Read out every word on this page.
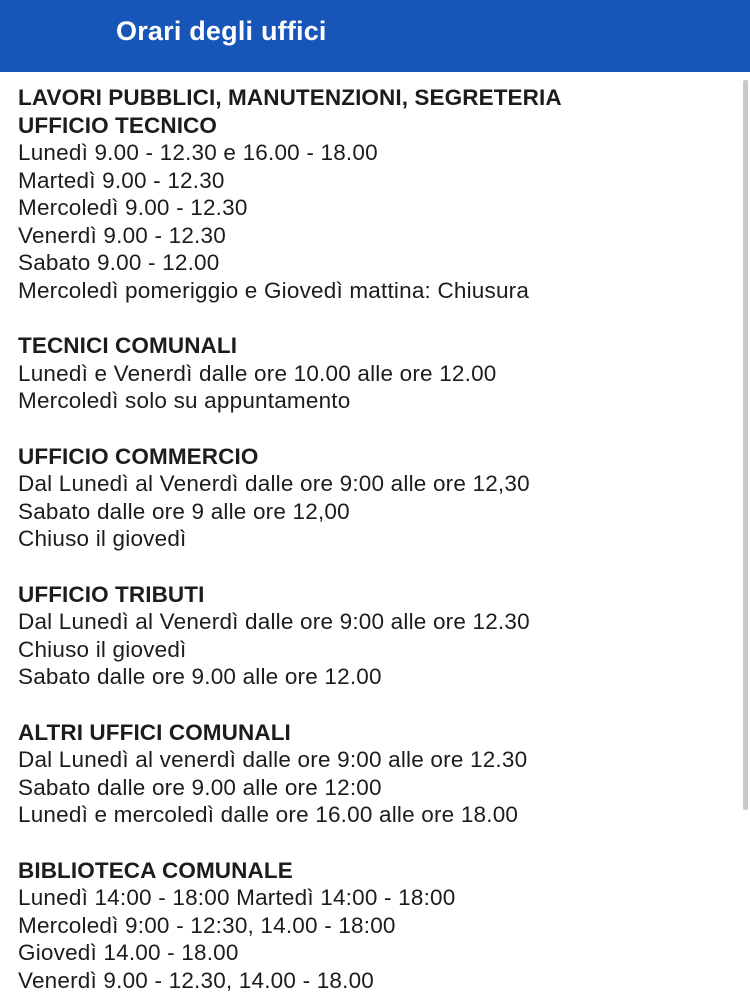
Orari degli uffici
LAVORI PUBBLICI, MANUTENZIONI, SEGRETERIA
UFFICIO TECNICO
Lunedì 9.00 - 12.30 e 16.00 - 18.00
Martedì 9.00 - 12.30
Mercoledì 9.00 - 12.30
Venerdì 9.00 - 12.30
Sabato 9.00 - 12.00
Mercoledì pomeriggio e Giovedì mattina: Chiusura
TECNICI COMUNALI
Lunedì e Venerdì dalle ore 10.00 alle ore 12.00
Mercoledì solo su appuntamento
UFFICIO COMMERCIO
Dal Lunedì al Venerdì dalle ore 9:00 alle ore 12,30
Sabato dalle ore 9 alle ore 12,00
Chiuso il giovedì
UFFICIO TRIBUTI
Dal Lunedì al Venerdì dalle ore 9:00 alle ore 12.30
Chiuso il giovedì
Sabato dalle ore 9.00 alle ore 12.00
ALTRI UFFICI COMUNALI
Dal Lunedì al venerdì dalle ore 9:00 alle ore 12.30
Sabato dalle ore 9.00 alle ore 12:00
Lunedì e mercoledì dalle ore 16.00 alle ore 18.00
BIBLIOTECA COMUNALE
Lunedì 14:00 - 18:00 Martedì 14:00 - 18:00
Mercoledì 9:00 - 12:30, 14.00 - 18:00
Giovedì 14.00 - 18.00
Venerdì 9.00 - 12.30, 14.00 - 18.00
